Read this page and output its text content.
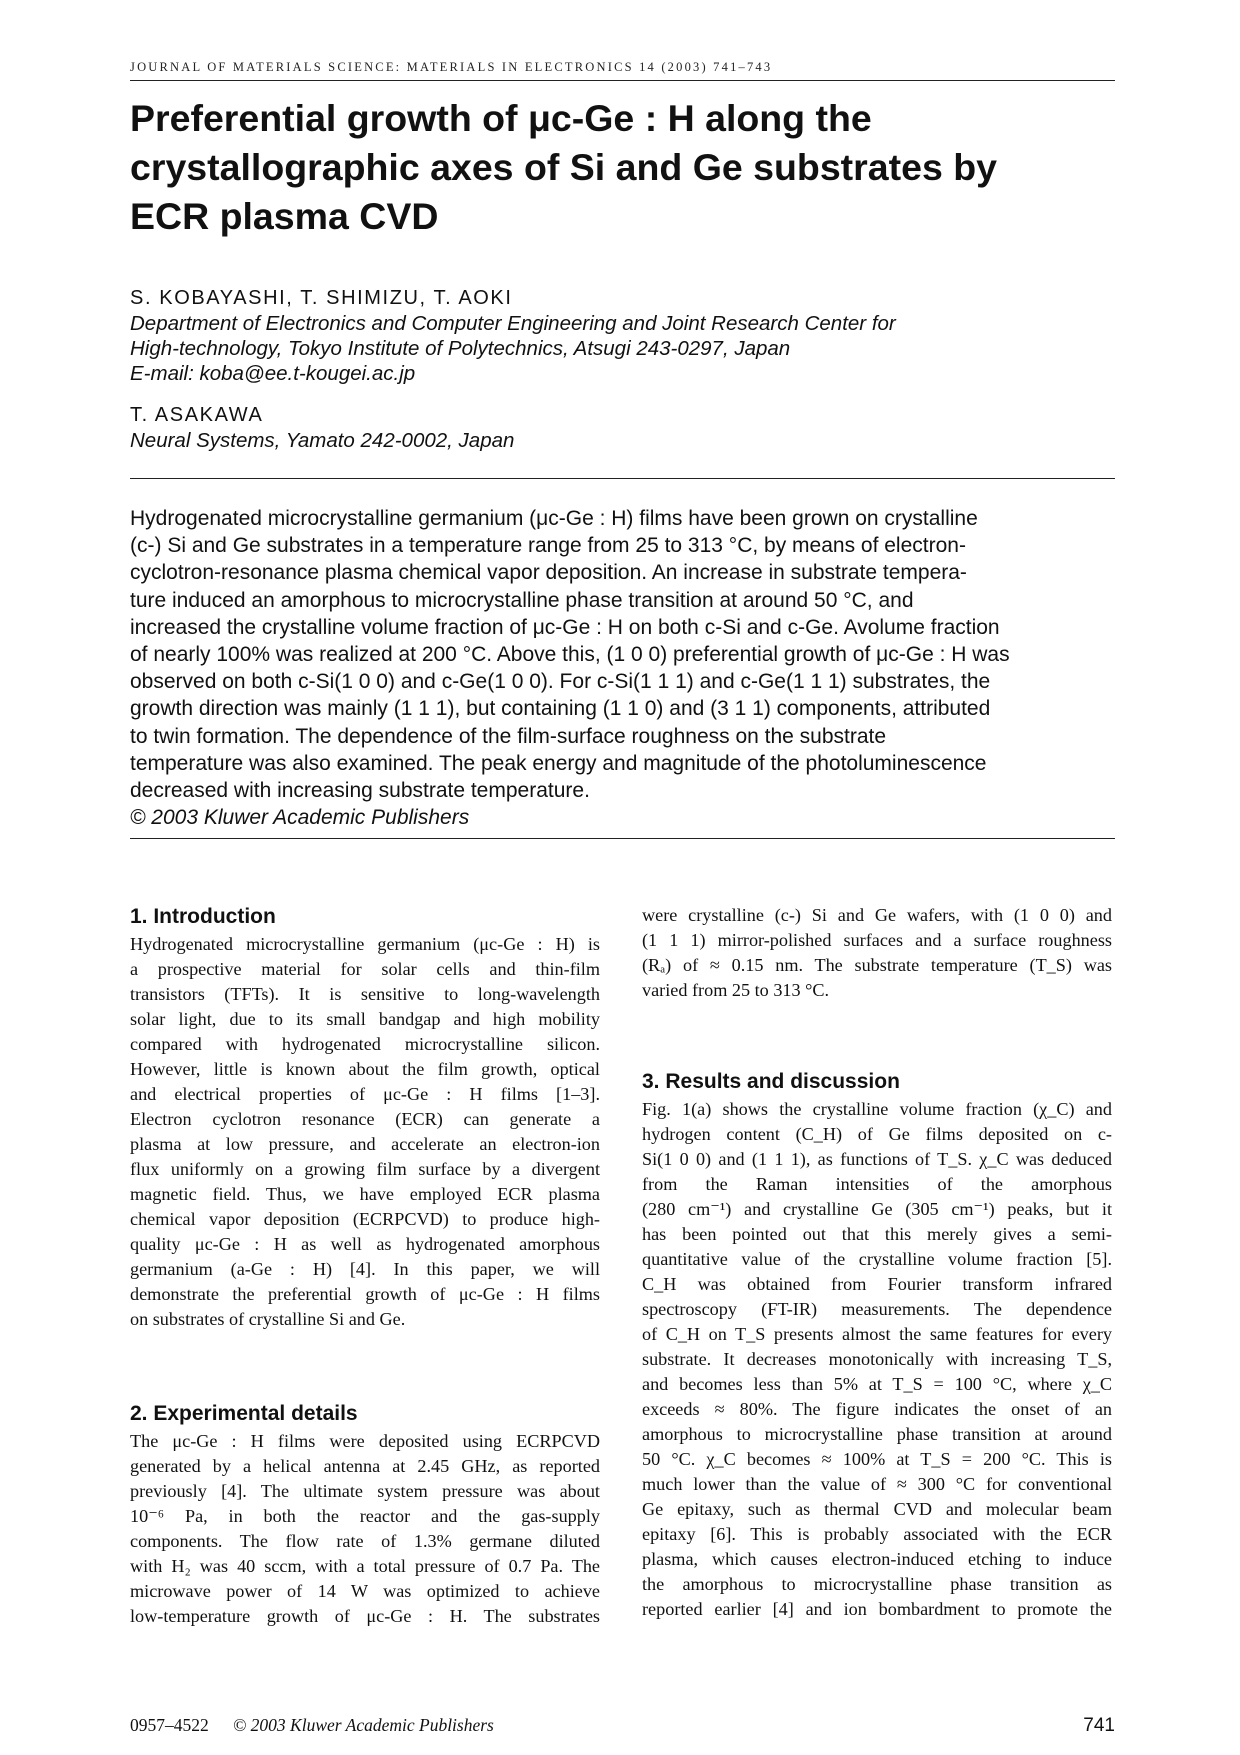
JOURNAL OF MATERIALS SCIENCE: MATERIALS IN ELECTRONICS 14 (2003) 741–743
Preferential growth of μc-Ge : H along the
crystallographic axes of Si and Ge substrates by
ECR plasma CVD
S. KOBAYASHI, T. SHIMIZU, T. AOKI
Department of Electronics and Computer Engineering and Joint Research Center for
High-technology, Tokyo Institute of Polytechnics, Atsugi 243-0297, Japan
E-mail: koba@ee.t-kougei.ac.jp
T. ASAKAWA
Neural Systems, Yamato 242-0002, Japan
Hydrogenated microcrystalline germanium (μc-Ge : H) films have been grown on crystalline
(c-) Si and Ge substrates in a temperature range from 25 to 313 °C, by means of electron-
cyclotron-resonance plasma chemical vapor deposition. An increase in substrate tempera-
ture induced an amorphous to microcrystalline phase transition at around 50 °C, and
increased the crystalline volume fraction of μc-Ge : H on both c-Si and c-Ge. Avolume fraction
of nearly 100% was realized at 200 °C. Above this, (1 0 0) preferential growth of μc-Ge : H was
observed on both c-Si(1 0 0) and c-Ge(1 0 0). For c-Si(1 1 1) and c-Ge(1 1 1) substrates, the
growth direction was mainly (1 1 1), but containing (1 1 0) and (3 1 1) components, attributed
to twin formation. The dependence of the film-surface roughness on the substrate
temperature was also examined. The peak energy and magnitude of the photoluminescence
decreased with increasing substrate temperature.
© 2003 Kluwer Academic Publishers
1. Introduction
Hydrogenated microcrystalline germanium (μc-Ge : H) is
a prospective material for solar cells and thin-film
transistors (TFTs). It is sensitive to long-wavelength
solar light, due to its small bandgap and high mobility
compared with hydrogenated microcrystalline silicon.
However, little is known about the film growth, optical
and electrical properties of μc-Ge : H films [1–3].
Electron cyclotron resonance (ECR) can generate a
plasma at low pressure, and accelerate an electron-ion
flux uniformly on a growing film surface by a divergent
magnetic field. Thus, we have employed ECR plasma
chemical vapor deposition (ECRPCVD) to produce high-
quality μc-Ge : H as well as hydrogenated amorphous
germanium (a-Ge : H) [4]. In this paper, we will
demonstrate the preferential growth of μc-Ge : H films
on substrates of crystalline Si and Ge.
2. Experimental details
The μc-Ge : H films were deposited using ECRPCVD
generated by a helical antenna at 2.45 GHz, as reported
previously [4]. The ultimate system pressure was about
10⁻⁶ Pa, in both the reactor and the gas-supply
components. The flow rate of 1.3% germane diluted
with H₂ was 40 sccm, with a total pressure of 0.7 Pa. The
microwave power of 14 W was optimized to achieve
low-temperature growth of μc-Ge : H. The substrates
were crystalline (c-) Si and Ge wafers, with (1 0 0) and
(1 1 1) mirror-polished surfaces and a surface roughness
(Rₐ) of ≈ 0.15 nm. The substrate temperature (T_S) was
varied from 25 to 313 °C.
3. Results and discussion
Fig. 1(a) shows the crystalline volume fraction (χ_C) and
hydrogen content (C_H) of Ge films deposited on c-
Si(1 0 0) and (1 1 1), as functions of T_S. χ_C was deduced
from the Raman intensities of the amorphous
(280 cm⁻¹) and crystalline Ge (305 cm⁻¹) peaks, but it
has been pointed out that this merely gives a semi-
quantitative value of the crystalline volume fraction [5].
C_H was obtained from Fourier transform infrared
spectroscopy (FT-IR) measurements. The dependence
of C_H on T_S presents almost the same features for every
substrate. It decreases monotonically with increasing T_S,
and becomes less than 5% at T_S = 100 °C, where χ_C
exceeds ≈ 80%. The figure indicates the onset of an
amorphous to microcrystalline phase transition at around
50 °C. χ_C becomes ≈ 100% at T_S = 200 °C. This is
much lower than the value of ≈ 300 °C for conventional
Ge epitaxy, such as thermal CVD and molecular beam
epitaxy [6]. This is probably associated with the ECR
plasma, which causes electron-induced etching to induce
the amorphous to microcrystalline phase transition as
reported earlier [4] and ion bombardment to promote the
0957–4522 © 2003 Kluwer Academic Publishers	741
